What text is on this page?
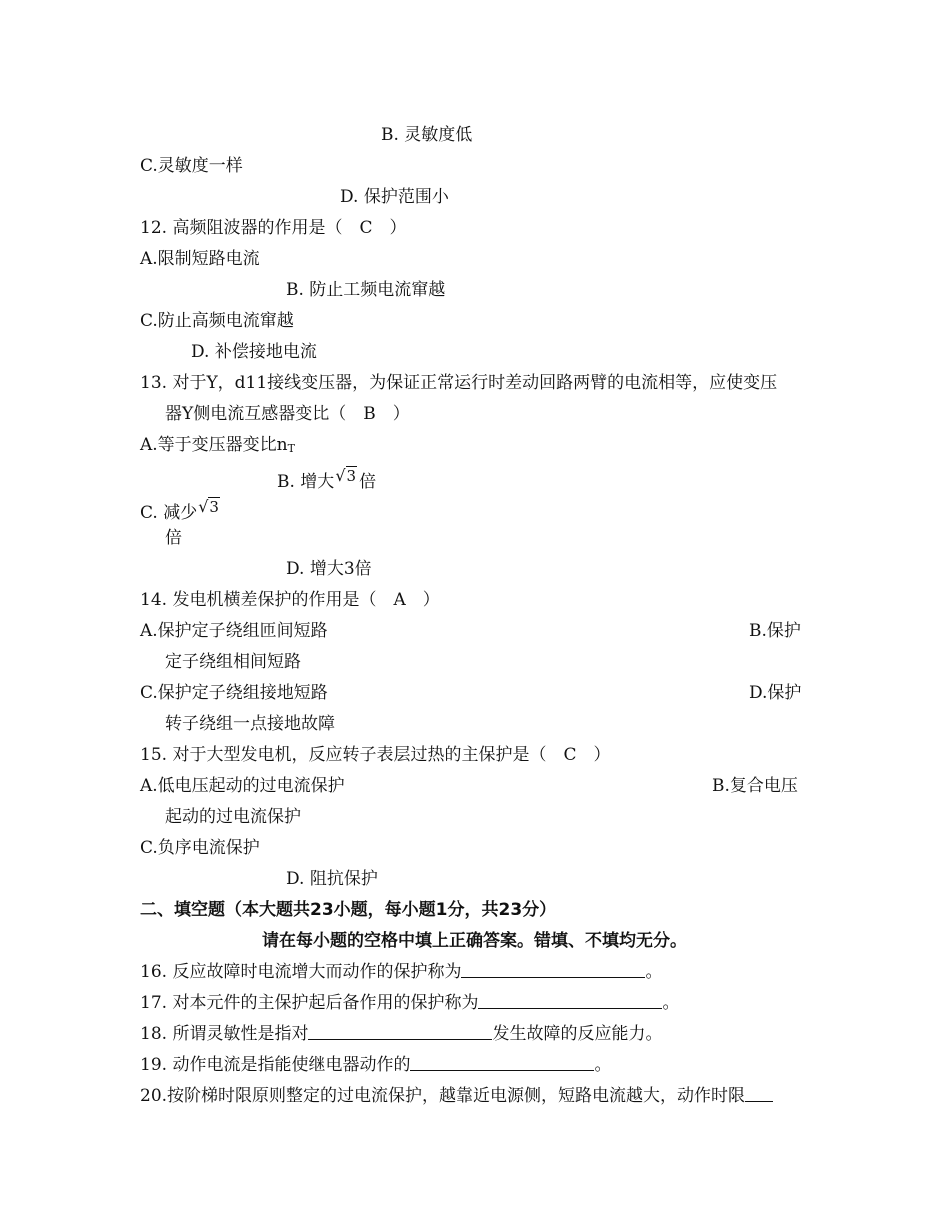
B. 灵敏度低
C.灵敏度一样
D. 保护范围小
12. 高频阻波器的作用是（　C　）
A.限制短路电流
B. 防止工频电流窜越
C.防止高频电流窜越
D. 补偿接地电流
13. 对于Y，d11接线变压器，为保证正常运行时差动回路两臂的电流相等，应使变压
器Y侧电流互感器变比（　B　）
A.等于变压器变比nT
B. 增大√3 倍
C. 减少√3
倍
D. 增大3倍
14. 发电机横差保护的作用是（　A　）
A.保护定子绕组匝间短路	B.保护
定子绕组相间短路
C.保护定子绕组接地短路	D.保护
转子绕组一点接地故障
15. 对于大型发电机，反应转子表层过热的主保护是（　C　）
A.低电压起动的过电流保护	B.复合电压
起动的过电流保护
C.负序电流保护
D. 阻抗保护
二、填空题（本大题共23小题，每小题1分，共23分）
请在每小题的空格中填上正确答案。错填、不填均无分。
16. 反应故障时电流增大而动作的保护称为	。
17. 对本元件的主保护起后备作用的保护称为	。
18. 所谓灵敏性是指对	发生故障的反应能力。
19. 动作电流是指能使继电器动作的	。
20.按阶梯时限原则整定的过电流保护，越靠近电源侧，短路电流越大，动作时限
